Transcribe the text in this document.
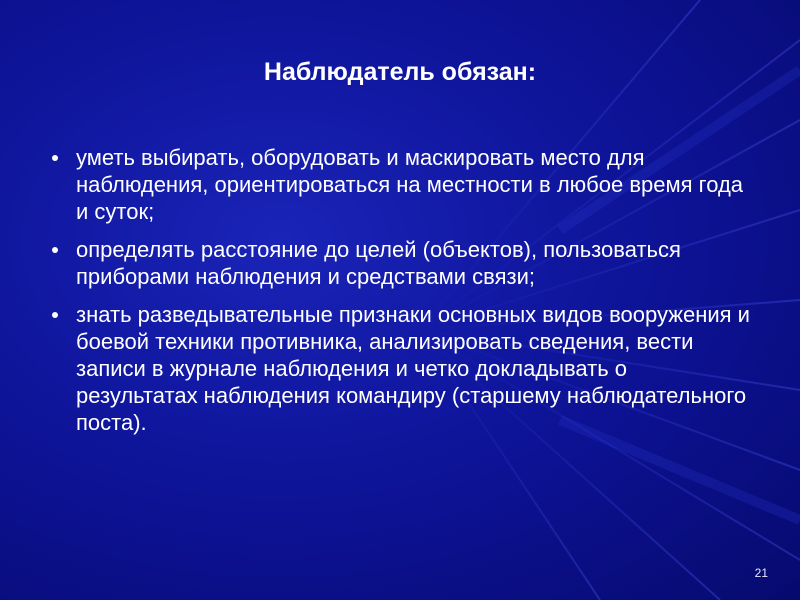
Наблюдатель обязан:
уметь выбирать, оборудовать и маскировать место для наблюдения, ориентироваться на местности в любое время года и суток;
определять расстояние до целей (объектов), пользоваться приборами наблюдения и средствами связи;
знать разведывательные признаки основных видов вооружения и боевой техники противника, анализировать сведения, вести записи в журнале наблюдения и четко докладывать о результатах наблюдения командиру (старшему наблюдательного поста).
21
